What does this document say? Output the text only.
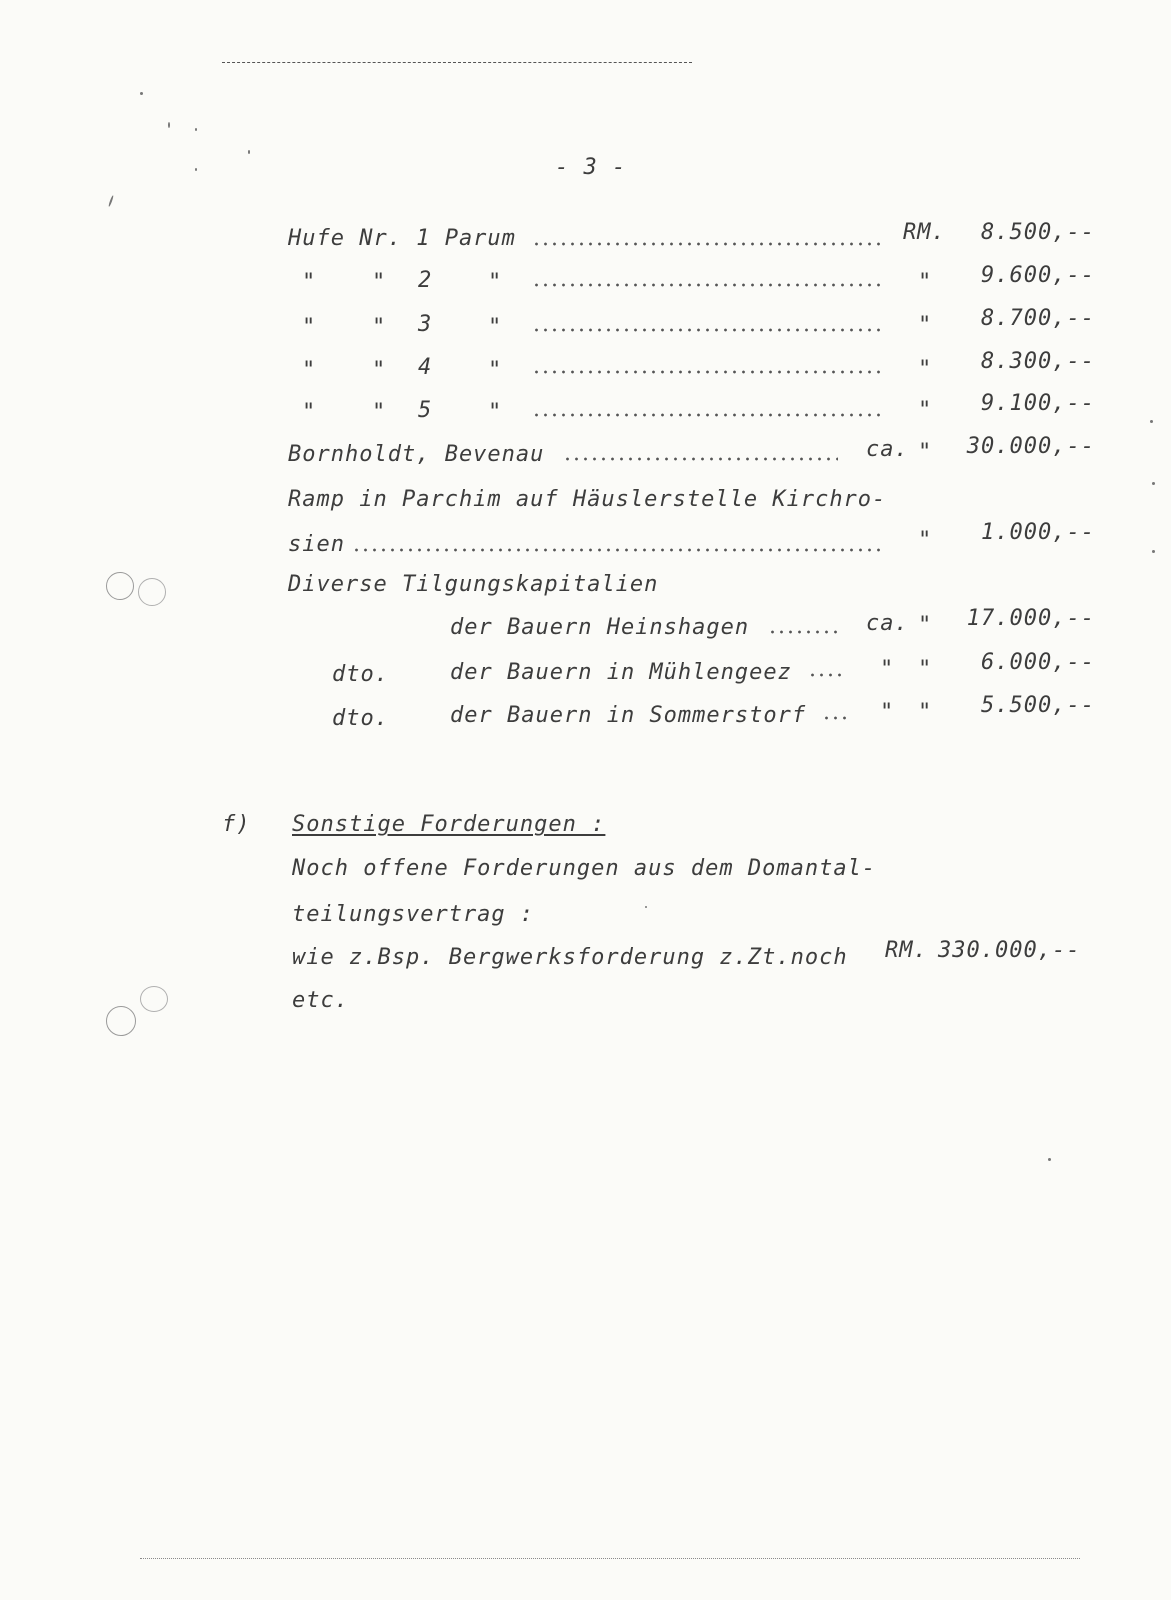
- 3 -
Hufe Nr. 1 Parum	RM.	8.500,--
"	" 2	"	"	9.600,--
"	" 3	"	"	8.700,--
"	" 4	"	"	8.300,--
"	" 5	"	"	9.100,--
Bornholdt, Bevenau	ca. "	30.000,--
Ramp in Parchim auf Häuslerstelle Kirchro-
sien	"	1.000,--
Diverse Tilgungskapitalien
der Bauern Heinshagen	ca. "	17.000,--
dto.	der Bauern in Mühlengeez	" "	6.000,--
dto.	der Bauern in Sommerstorf	" "	5.500,--
f) Sonstige Forderungen :
Noch offene Forderungen aus dem Domantal-
teilungsvertrag :
wie z.Bsp. Bergwerksforderung z.Zt.noch RM. 330.000,--
etc.
